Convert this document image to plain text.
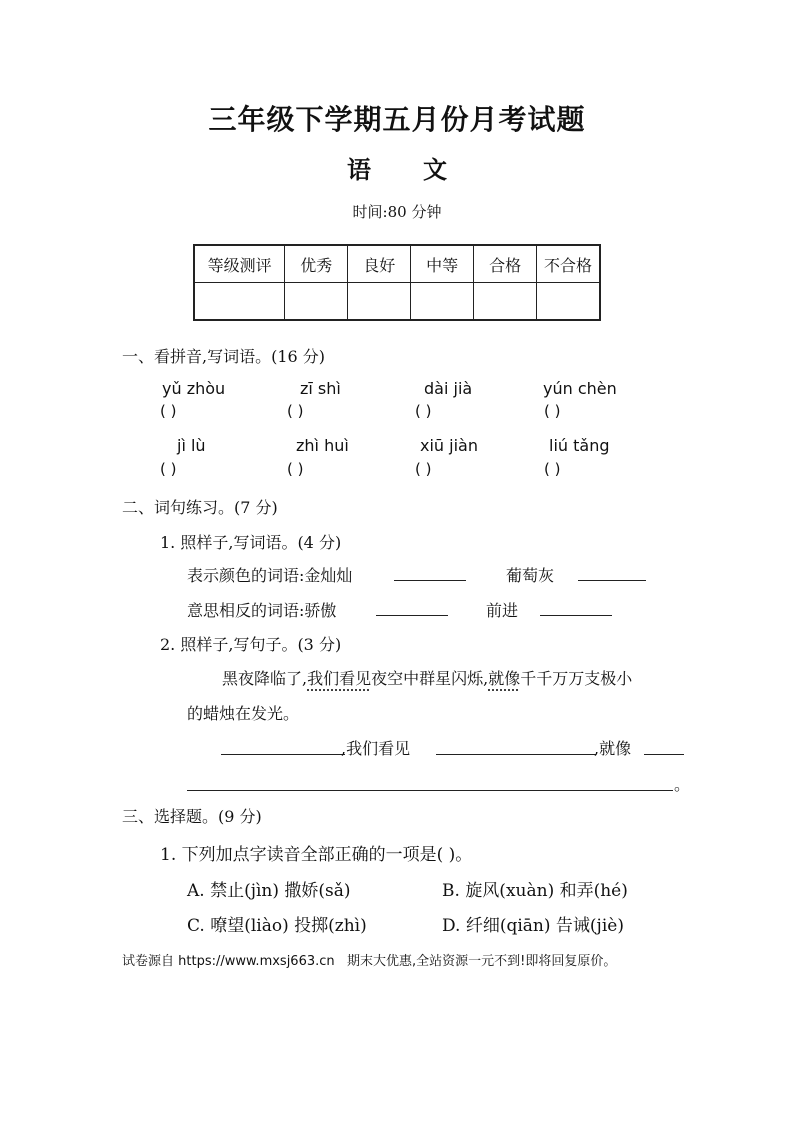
三年级下学期五月份月考试题
语 文
时间:80 分钟
等级测评	优秀	良好	中等	合格	不合格

一、看拼音,写词语。(16 分)
yǔ zhòu	zī shì	dài jià	yún chèn
( )	( )	( )	( )
jì lù	zhì huì	xiū jiàn	liú tǎng
( )	( )	( )	( )
二、词句练习。(7 分)
1. 照样子,写词语。(4 分)
表示颜色的词语:金灿灿	葡萄灰
意思相反的词语:骄傲	前进
2. 照样子,写句子。(3 分)
黑夜降临了,我们看见夜空中群星闪烁,就像千千万万支极小
的蜡烛在发光。
,我们看见	,就像
。
三、选择题。(9 分)
1. 下列加点字读音全部正确的一项是( )。
A. 禁止(jìn) 撒娇(sǎ)	B. 旋风(xuàn) 和弄(hé)
C. 嘹望(liào) 投掷(zhì)	D. 纤细(qiān) 告诫(jiè)
试卷源自 https://www.mxsj663.cn 期末大优惠,全站资源一元不到!即将回复原价。
